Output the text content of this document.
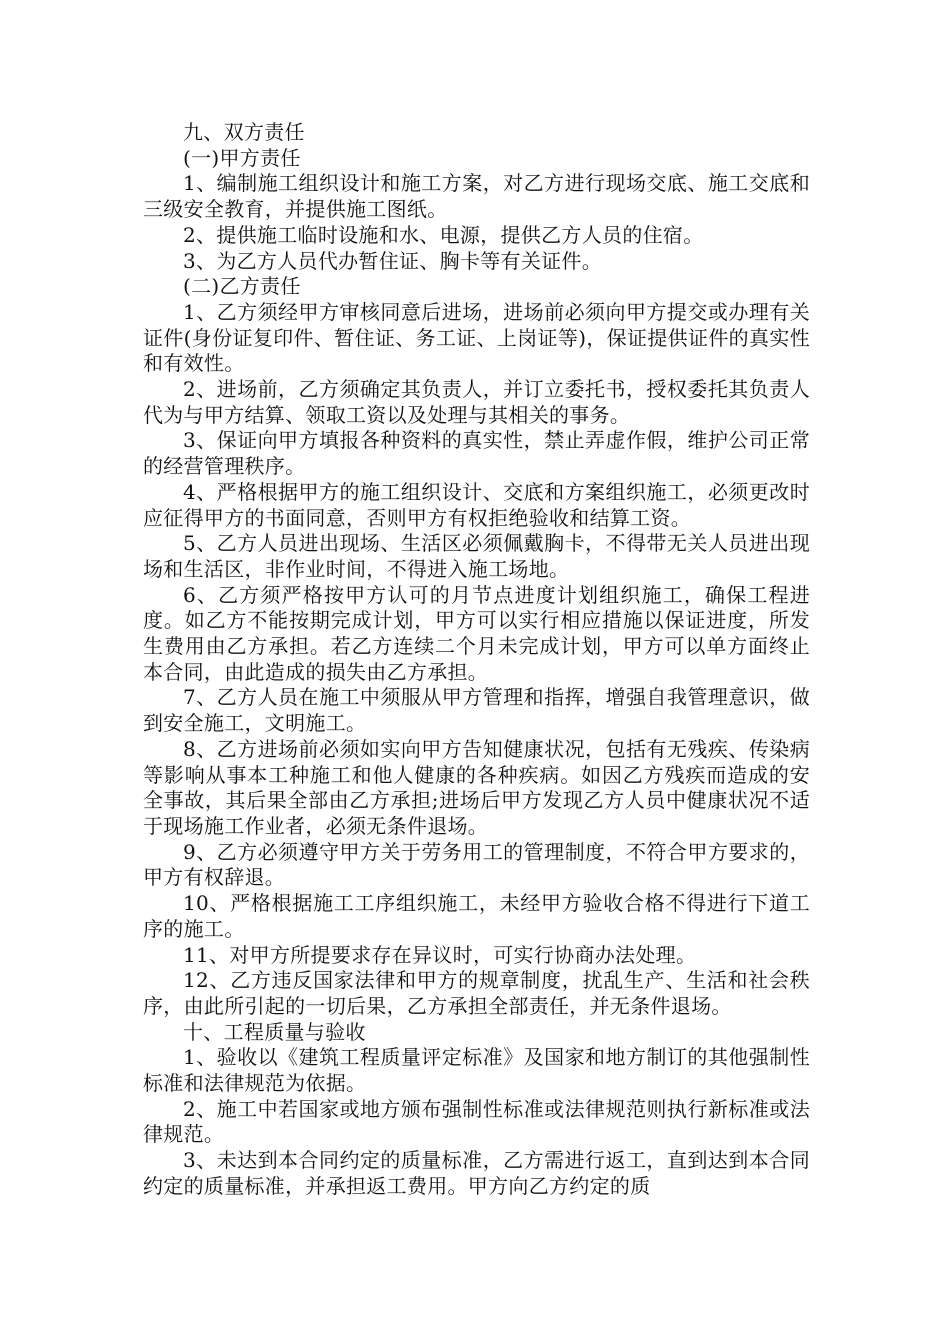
九、双方责任

(一)甲方责任

1、编制施工组织设计和施工方案，对乙方进行现场交底、施工交底和三级安全教育，并提供施工图纸。

2、提供施工临时设施和水、电源，提供乙方人员的住宿。

3、为乙方人员代办暂住证、胸卡等有关证件。

(二)乙方责任

1、乙方须经甲方审核同意后进场，进场前必须向甲方提交或办理有关证件(身份证复印件、暂住证、务工证、上岗证等)，保证提供证件的真实性和有效性。

2、进场前，乙方须确定其负责人，并订立委托书，授权委托其负责人代为与甲方结算、领取工资以及处理与其相关的事务。

3、保证向甲方填报各种资料的真实性，禁止弄虚作假，维护公司正常的经营管理秩序。

4、严格根据甲方的施工组织设计、交底和方案组织施工，必须更改时应征得甲方的书面同意，否则甲方有权拒绝验收和结算工资。

5、乙方人员进出现场、生活区必须佩戴胸卡，不得带无关人员进出现场和生活区，非作业时间，不得进入施工场地。

6、乙方须严格按甲方认可的月节点进度计划组织施工，确保工程进度。如乙方不能按期完成计划，甲方可以实行相应措施以保证进度，所发生费用由乙方承担。若乙方连续二个月未完成计划，甲方可以单方面终止本合同，由此造成的损失由乙方承担。

7、乙方人员在施工中须服从甲方管理和指挥，增强自我管理意识，做到安全施工，文明施工。

8、乙方进场前必须如实向甲方告知健康状况，包括有无残疾、传染病等影响从事本工种施工和他人健康的各种疾病。如因乙方残疾而造成的安全事故，其后果全部由乙方承担;进场后甲方发现乙方人员中健康状况不适于现场施工作业者，必须无条件退场。

9、乙方必须遵守甲方关于劳务用工的管理制度，不符合甲方要求的，甲方有权辞退。

10、严格根据施工工序组织施工，未经甲方验收合格不得进行下道工序的施工。

11、对甲方所提要求存在异议时，可实行协商办法处理。

12、乙方违反国家法律和甲方的规章制度，扰乱生产、生活和社会秩序，由此所引起的一切后果，乙方承担全部责任，并无条件退场。

十、工程质量与验收

1、验收以《建筑工程质量评定标准》及国家和地方制订的其他强制性标准和法律规范为依据。

2、施工中若国家或地方颁布强制性标准或法律规范则执行新标准或法律规范。

3、未达到本合同约定的质量标准，乙方需进行返工，直到达到本合同约定的质量标准，并承担返工费用。甲方向乙方约定的质
